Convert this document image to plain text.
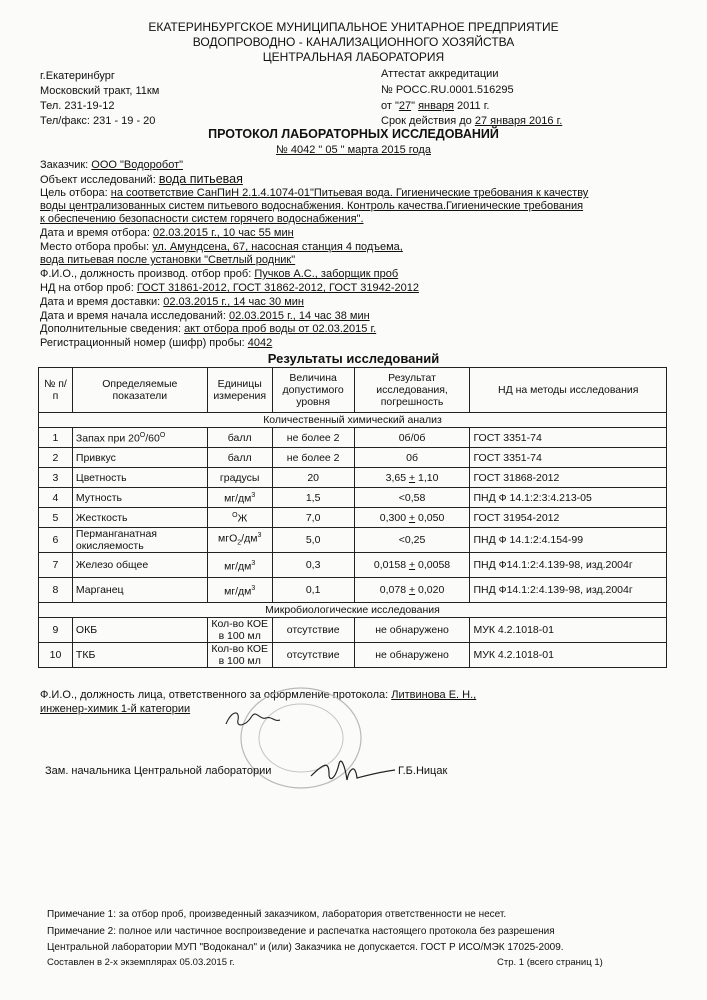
ЕКАТЕРИНБУРГСКОЕ МУНИЦИПАЛЬНОЕ УНИТАРНОЕ ПРЕДПРИЯТИЕ
ВОДОПРОВОДНО - КАНАЛИЗАЦИОННОГО ХОЗЯЙСТВА
ЦЕНТРАЛЬНАЯ ЛАБОРАТОРИЯ
г.Екатеринбург
Московский тракт, 11км
Тел. 231-19-12
Тел/факс: 231 - 19 - 20
Аттестат аккредитации
№ РОСС.RU.0001.516295
от "27" января 2011 г.
Срок действия до 27 января 2016 г.
ПРОТОКОЛ ЛАБОРАТОРНЫХ ИССЛЕДОВАНИЙ
№ 4042 " 05 " марта 2015 года
Заказчик: ООО "Водоробот"
Объект исследований: вода питьевая
Цель отбора: на соответствие СанПиН 2.1.4.1074-01"Питьевая вода. Гигиенические требования к качеству
воды централизованных систем питьевого водоснабжения. Контроль качества.Гигиенические требования
к обеспечению безопасности систем горячего водоснабжения".
Дата и время отбора: 02.03.2015 г., 10 час 55 мин
Место отбора пробы: ул. Амундсена, 67, насосная станция 4 подъема,
вода питьевая после установки "Светлый родник"
Ф.И.О., должность производ. отбор проб: Пучков А.С., заборщик проб
НД на отбор проб: ГОСТ 31861-2012, ГОСТ 31862-2012, ГОСТ 31942-2012
Дата и время доставки: 02.03.2015 г., 14 час 30 мин
Дата и время начала исследований: 02.03.2015 г., 14 час 38 мин
Дополнительные сведения: акт отбора проб воды от 02.03.2015 г.
Регистрационный номер (шифр) пробы: 4042
Результаты исследований
№ п/п	Определяемые показатели	Единицы измерения	Величина допустимого уровня	Результат исследования, погрешность	НД на методы исследования
Количественный химический анализ					
1	Запах при $20^О/60^О$	балл	не более 2	0б/0б	ГОСТ 3351-74
2	Привкус	балл	не более 2	0б	ГОСТ 3351-74
3	Цветность	градусы	20	3,65 + 1,10	ГОСТ 31868-2012
4	Мутность	$мг/дм^3$	1,5	<0,58	ПНД Ф 14.1:2:3:4.213-05
5	Жесткость	$^О$Ж	7,0	0,300 + 0,050	ГОСТ 31954-2012
6	Перманганатная окисляемость	$мгО_2/дм^3$	5,0	<0,25	ПНД Ф 14.1:2:4.154-99
7	Железо общее	$мг/дм^3$	0,3	0,0158 + 0,0058	ПНД Ф14.1:2:4.139-98, изд.2004г
8	Марганец	$мг/дм^3$	0,1	0,078 + 0,020	ПНД Ф14.1:2:4.139-98, изд.2004г
Микробиологические исследования					
9	ОКБ	Кол-во КОЕ в 100 мл	отсутствие	не обнаружено	МУК 4.2.1018-01
10	ТКБ	Кол-во КОЕ в 100 мл	отсутствие	не обнаружено	МУК 4.2.1018-01
Ф.И.О., должность лица, ответственного за оформление протокола: Литвинова Е. Н.,
инженер-химик 1-й категории
Зам. начальника Центральной лаборатории	Г.Б.Ницак
Примечание 1: за отбор проб, произведенный заказчиком, лаборатория ответственности не несет.
Примечание 2: полное или частичное воспроизведение и распечатка настоящего протокола без разрешения
Центральной лаборатории МУП "Водоканал" и (или) Заказчика не допускается. ГОСТ Р ИСО/МЭК 17025-2009.
Составлен в 2-х экземплярах 05.03.2015 г.	Стр. 1 (всего страниц 1)
